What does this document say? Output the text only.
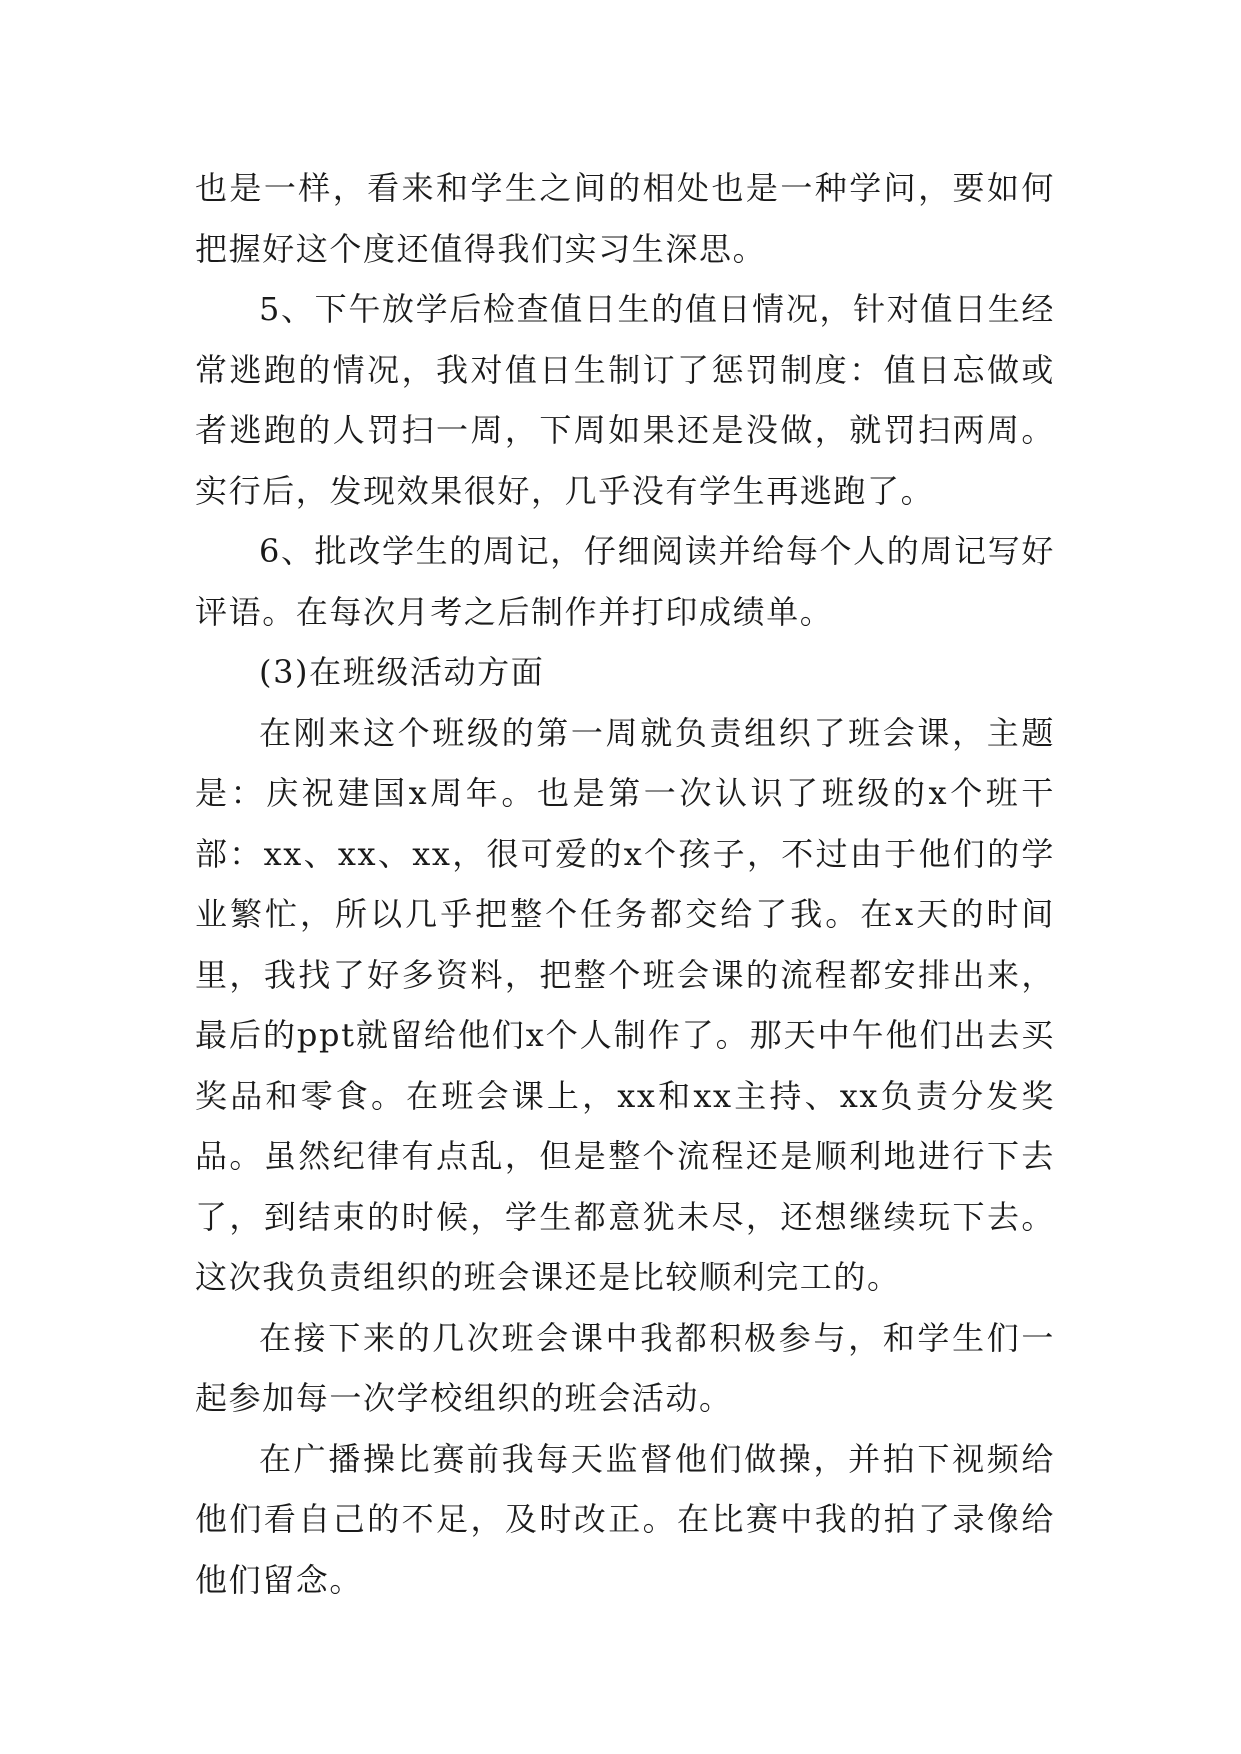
也是一样，看来和学生之间的相处也是一种学问，要如何把握好这个度还值得我们实习生深思。

5、下午放学后检查值日生的值日情况，针对值日生经常逃跑的情况，我对值日生制订了惩罚制度：值日忘做或者逃跑的人罚扫一周，下周如果还是没做，就罚扫两周。实行后，发现效果很好，几乎没有学生再逃跑了。

6、批改学生的周记，仔细阅读并给每个人的周记写好评语。在每次月考之后制作并打印成绩单。

(3)在班级活动方面

在刚来这个班级的第一周就负责组织了班会课，主题是：庆祝建国x周年。也是第一次认识了班级的x个班干部：xx、xx、xx，很可爱的x个孩子，不过由于他们的学业繁忙，所以几乎把整个任务都交给了我。在x天的时间里，我找了好多资料，把整个班会课的流程都安排出来，最后的ppt就留给他们x个人制作了。那天中午他们出去买奖品和零食。在班会课上，xx和xx主持、xx负责分发奖品。虽然纪律有点乱，但是整个流程还是顺利地进行下去了，到结束的时候，学生都意犹未尽，还想继续玩下去。这次我负责组织的班会课还是比较顺利完工的。

在接下来的几次班会课中我都积极参与，和学生们一起参加每一次学校组织的班会活动。

在广播操比赛前我每天监督他们做操，并拍下视频给他们看自己的不足，及时改正。在比赛中我的拍了录像给他们留念。
